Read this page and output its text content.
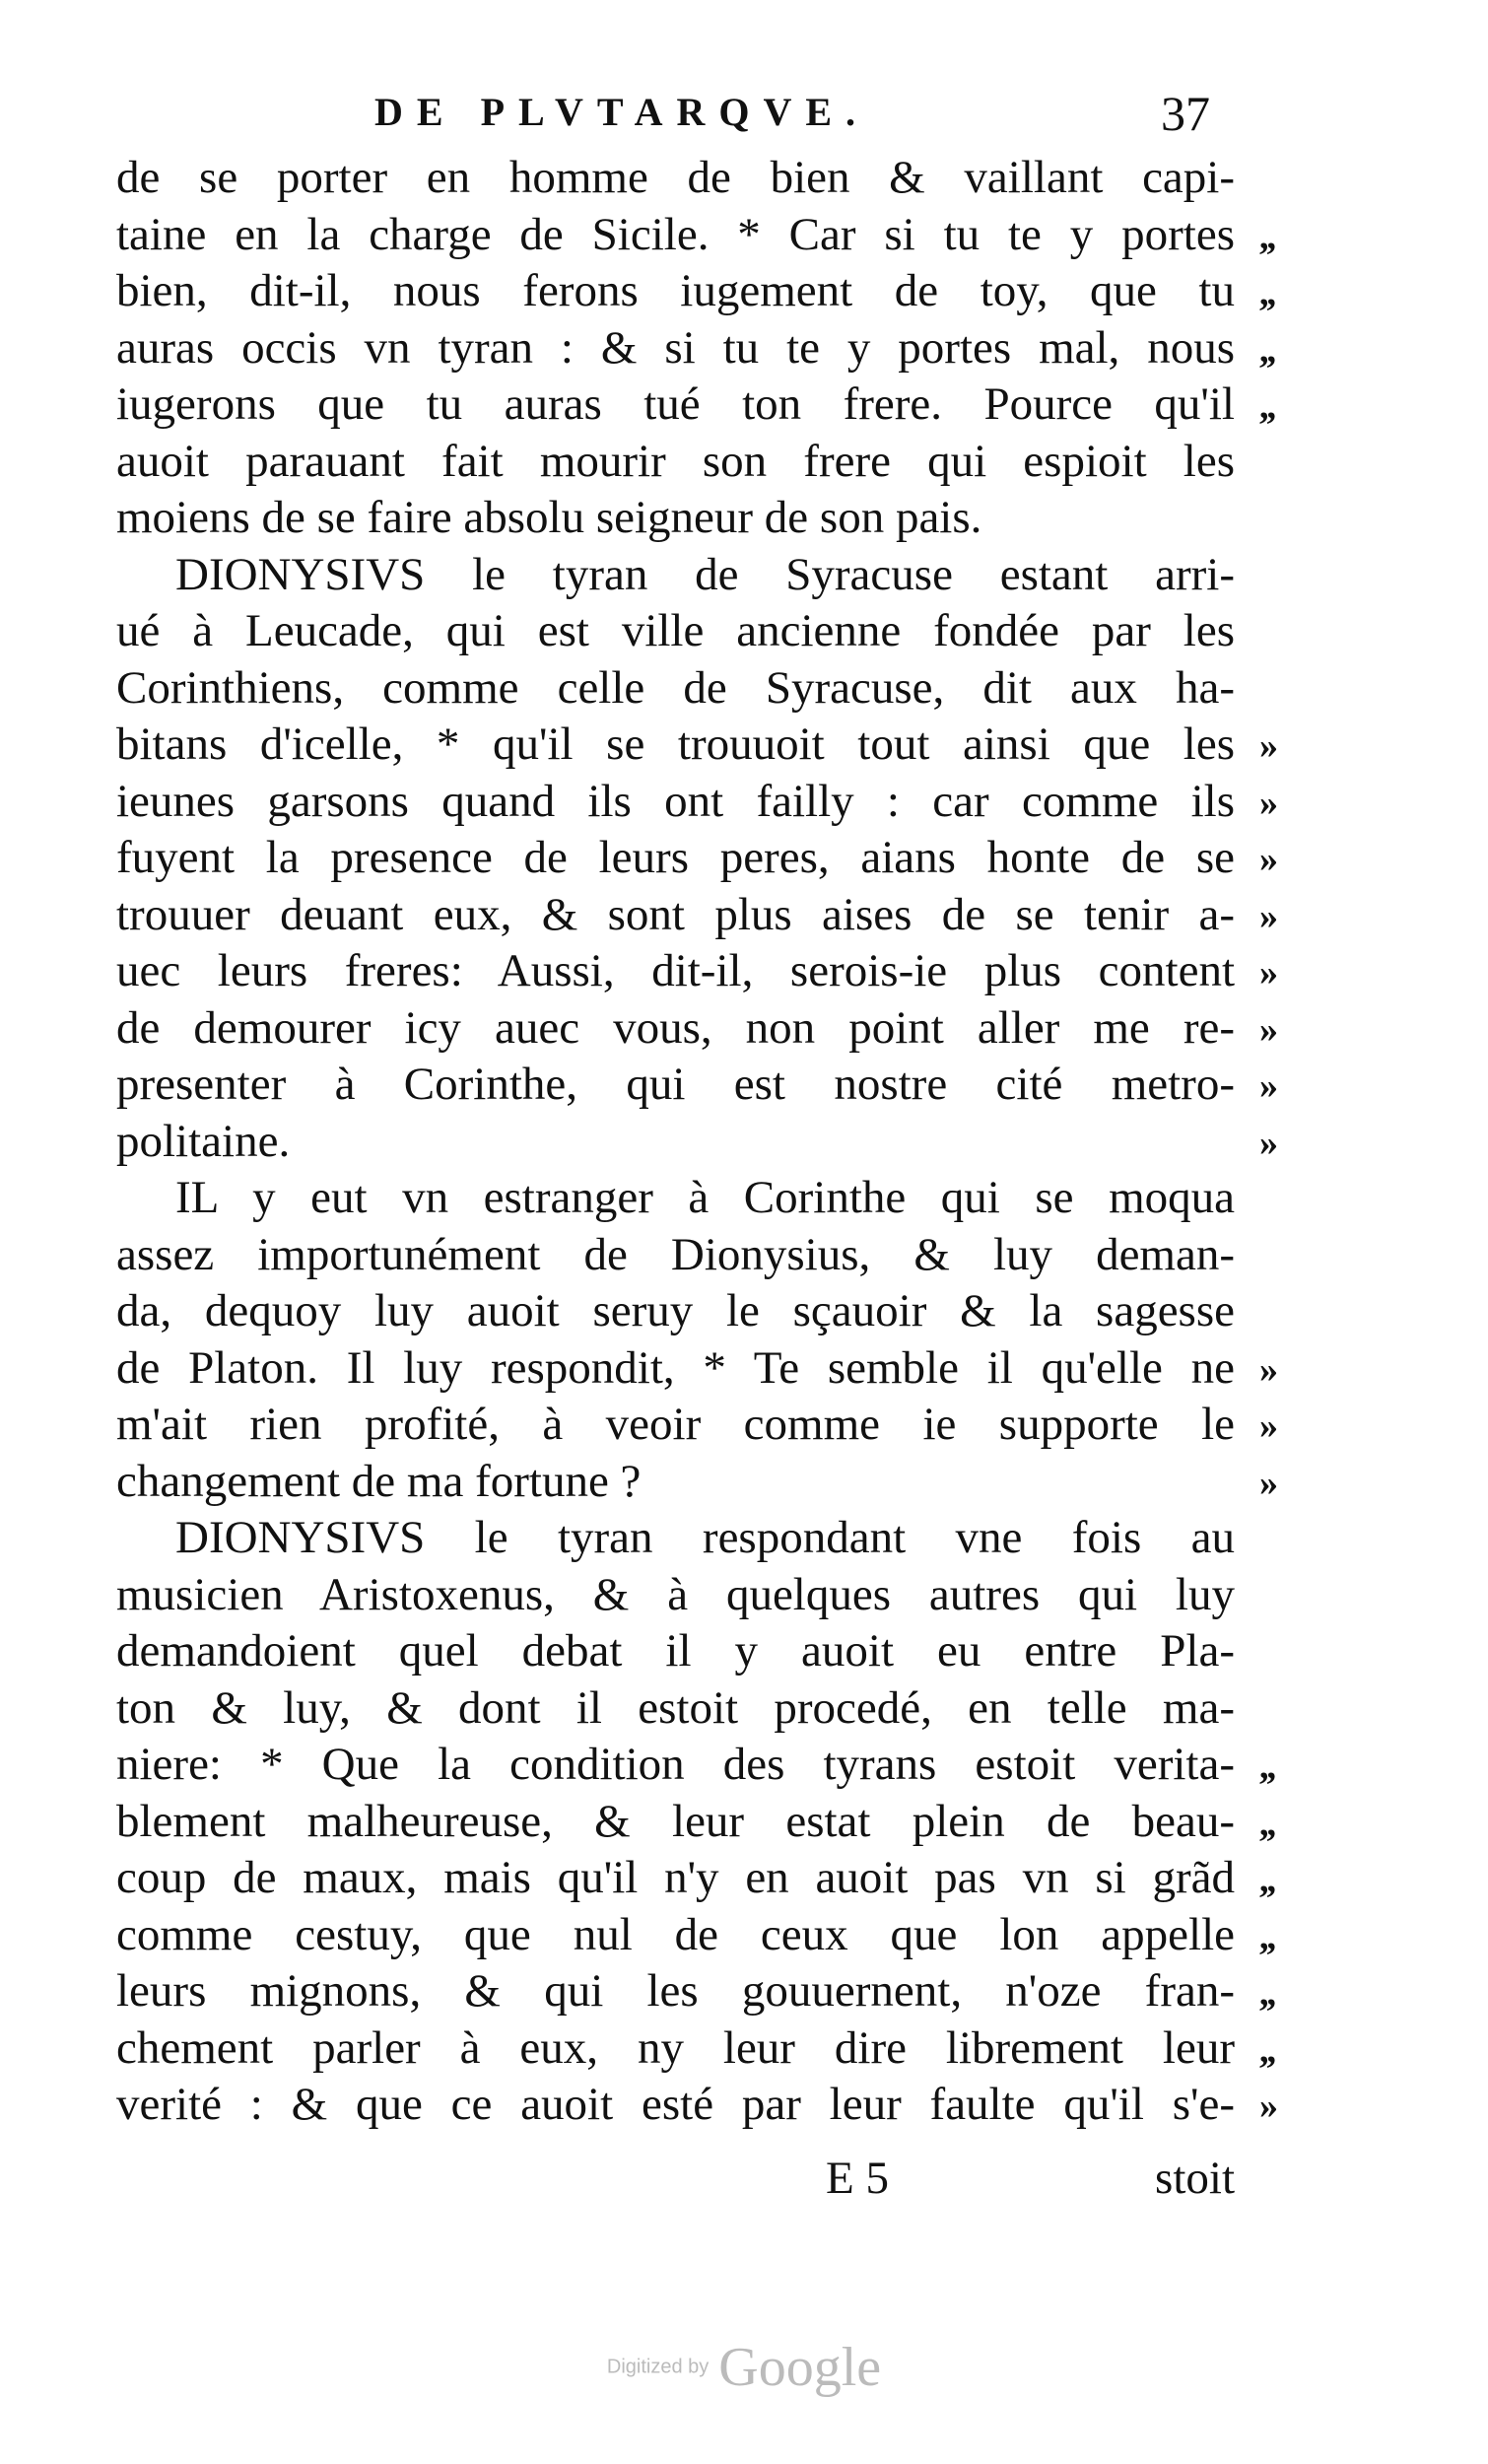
DE PLVTARQVE.	37
de se porter en homme de bien & vaillant capi-
taine en la charge de Sicile. * Car si tu te y portes
bien, dit-il, nous ferons iugement de toy, que tu
auras occis vn tyran : & si tu te y portes mal, nous
iugerons que tu auras tué ton frere. Pource qu'il
auoit parauant fait mourir son frere qui espioit les
moiens de se faire absolu seigneur de son pais.
DIONYSIVS le tyran de Syracuse estant arri-
ué à Leucade, qui est ville ancienne fondée par les
Corinthiens, comme celle de Syracuse, dit aux ha-
bitans d'icelle, * qu'il se trouuoit tout ainsi que les
ieunes garsons quand ils ont failly : car comme ils
fuyent la presence de leurs peres, aians honte de se
trouuer deuant eux, & sont plus aises de se tenir a-
uec leurs freres: Aussi, dit-il, serois-ie plus content
de demourer icy auec vous, non point aller me re-
presenter à Corinthe, qui est nostre cité metro-
politaine.
IL y eut vn estranger à Corinthe qui se moqua
assez importunément de Dionysius, & luy deman-
da, dequoy luy auoit seruy le sçauoir & la sagesse
de Platon. Il luy respondit, * Te semble il qu'elle ne
m'ait rien profité, à veoir comme ie supporte le
changement de ma fortune ?
DIONYSIVS le tyran respondant vne fois au
musicien Aristoxenus, & à quelques autres qui luy
demandoient quel debat il y auoit eu entre Pla-
ton & luy, & dont il estoit procedé, en telle ma-
niere: * Que la condition des tyrans estoit verita-
blement malheureuse, & leur estat plein de beau-
coup de maux, mais qu'il n'y en auoit pas vn si grãd
comme cestuy, que nul de ceux que lon appelle
leurs mignons, & qui les gouuernent, n'oze fran-
chement parler à eux, ny leur dire librement leur
verité : & que ce auoit esté par leur faulte qu'il s'e-
,,
,,
,,
,,
»
»
»
»
»
»
»
»
»
»
»
,,
,,
,,
,,
,,
,,
»
E 5	stoit
Digitized by Google
